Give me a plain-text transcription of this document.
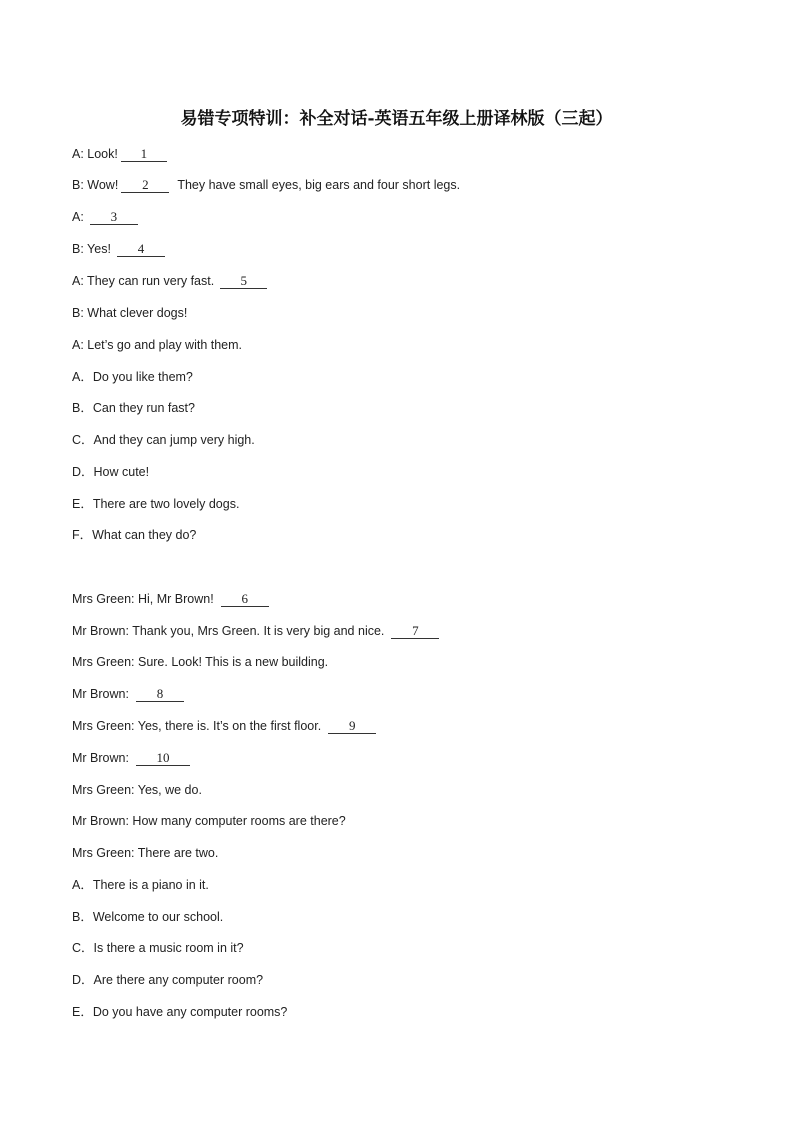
易错专项特训：补全对话-英语五年级上册译林版（三起）
A: Look! 1
B: Wow! 2 They have small eyes, big ears and four short legs.
A: 3
B: Yes! 4
A: They can run very fast. 5
B: What clever dogs!
A: Let’s go and play with them.
A．Do you like them?
B．Can they run fast?
C．And they can jump very high.
D．How cute!
E．There are two lovely dogs.
F．What can they do?
Mrs Green: Hi, Mr Brown! 6
Mr Brown: Thank you, Mrs Green. It is very big and nice. 7
Mrs Green: Sure. Look! This is a new building.
Mr Brown: 8
Mrs Green: Yes, there is. It’s on the first floor. 9
Mr Brown: 10
Mrs Green: Yes, we do.
Mr Brown: How many computer rooms are there?
Mrs Green: There are two.
A．There is a piano in it.
B．Welcome to our school.
C．Is there a music room in it?
D．Are there any computer room?
E．Do you have any computer rooms?
